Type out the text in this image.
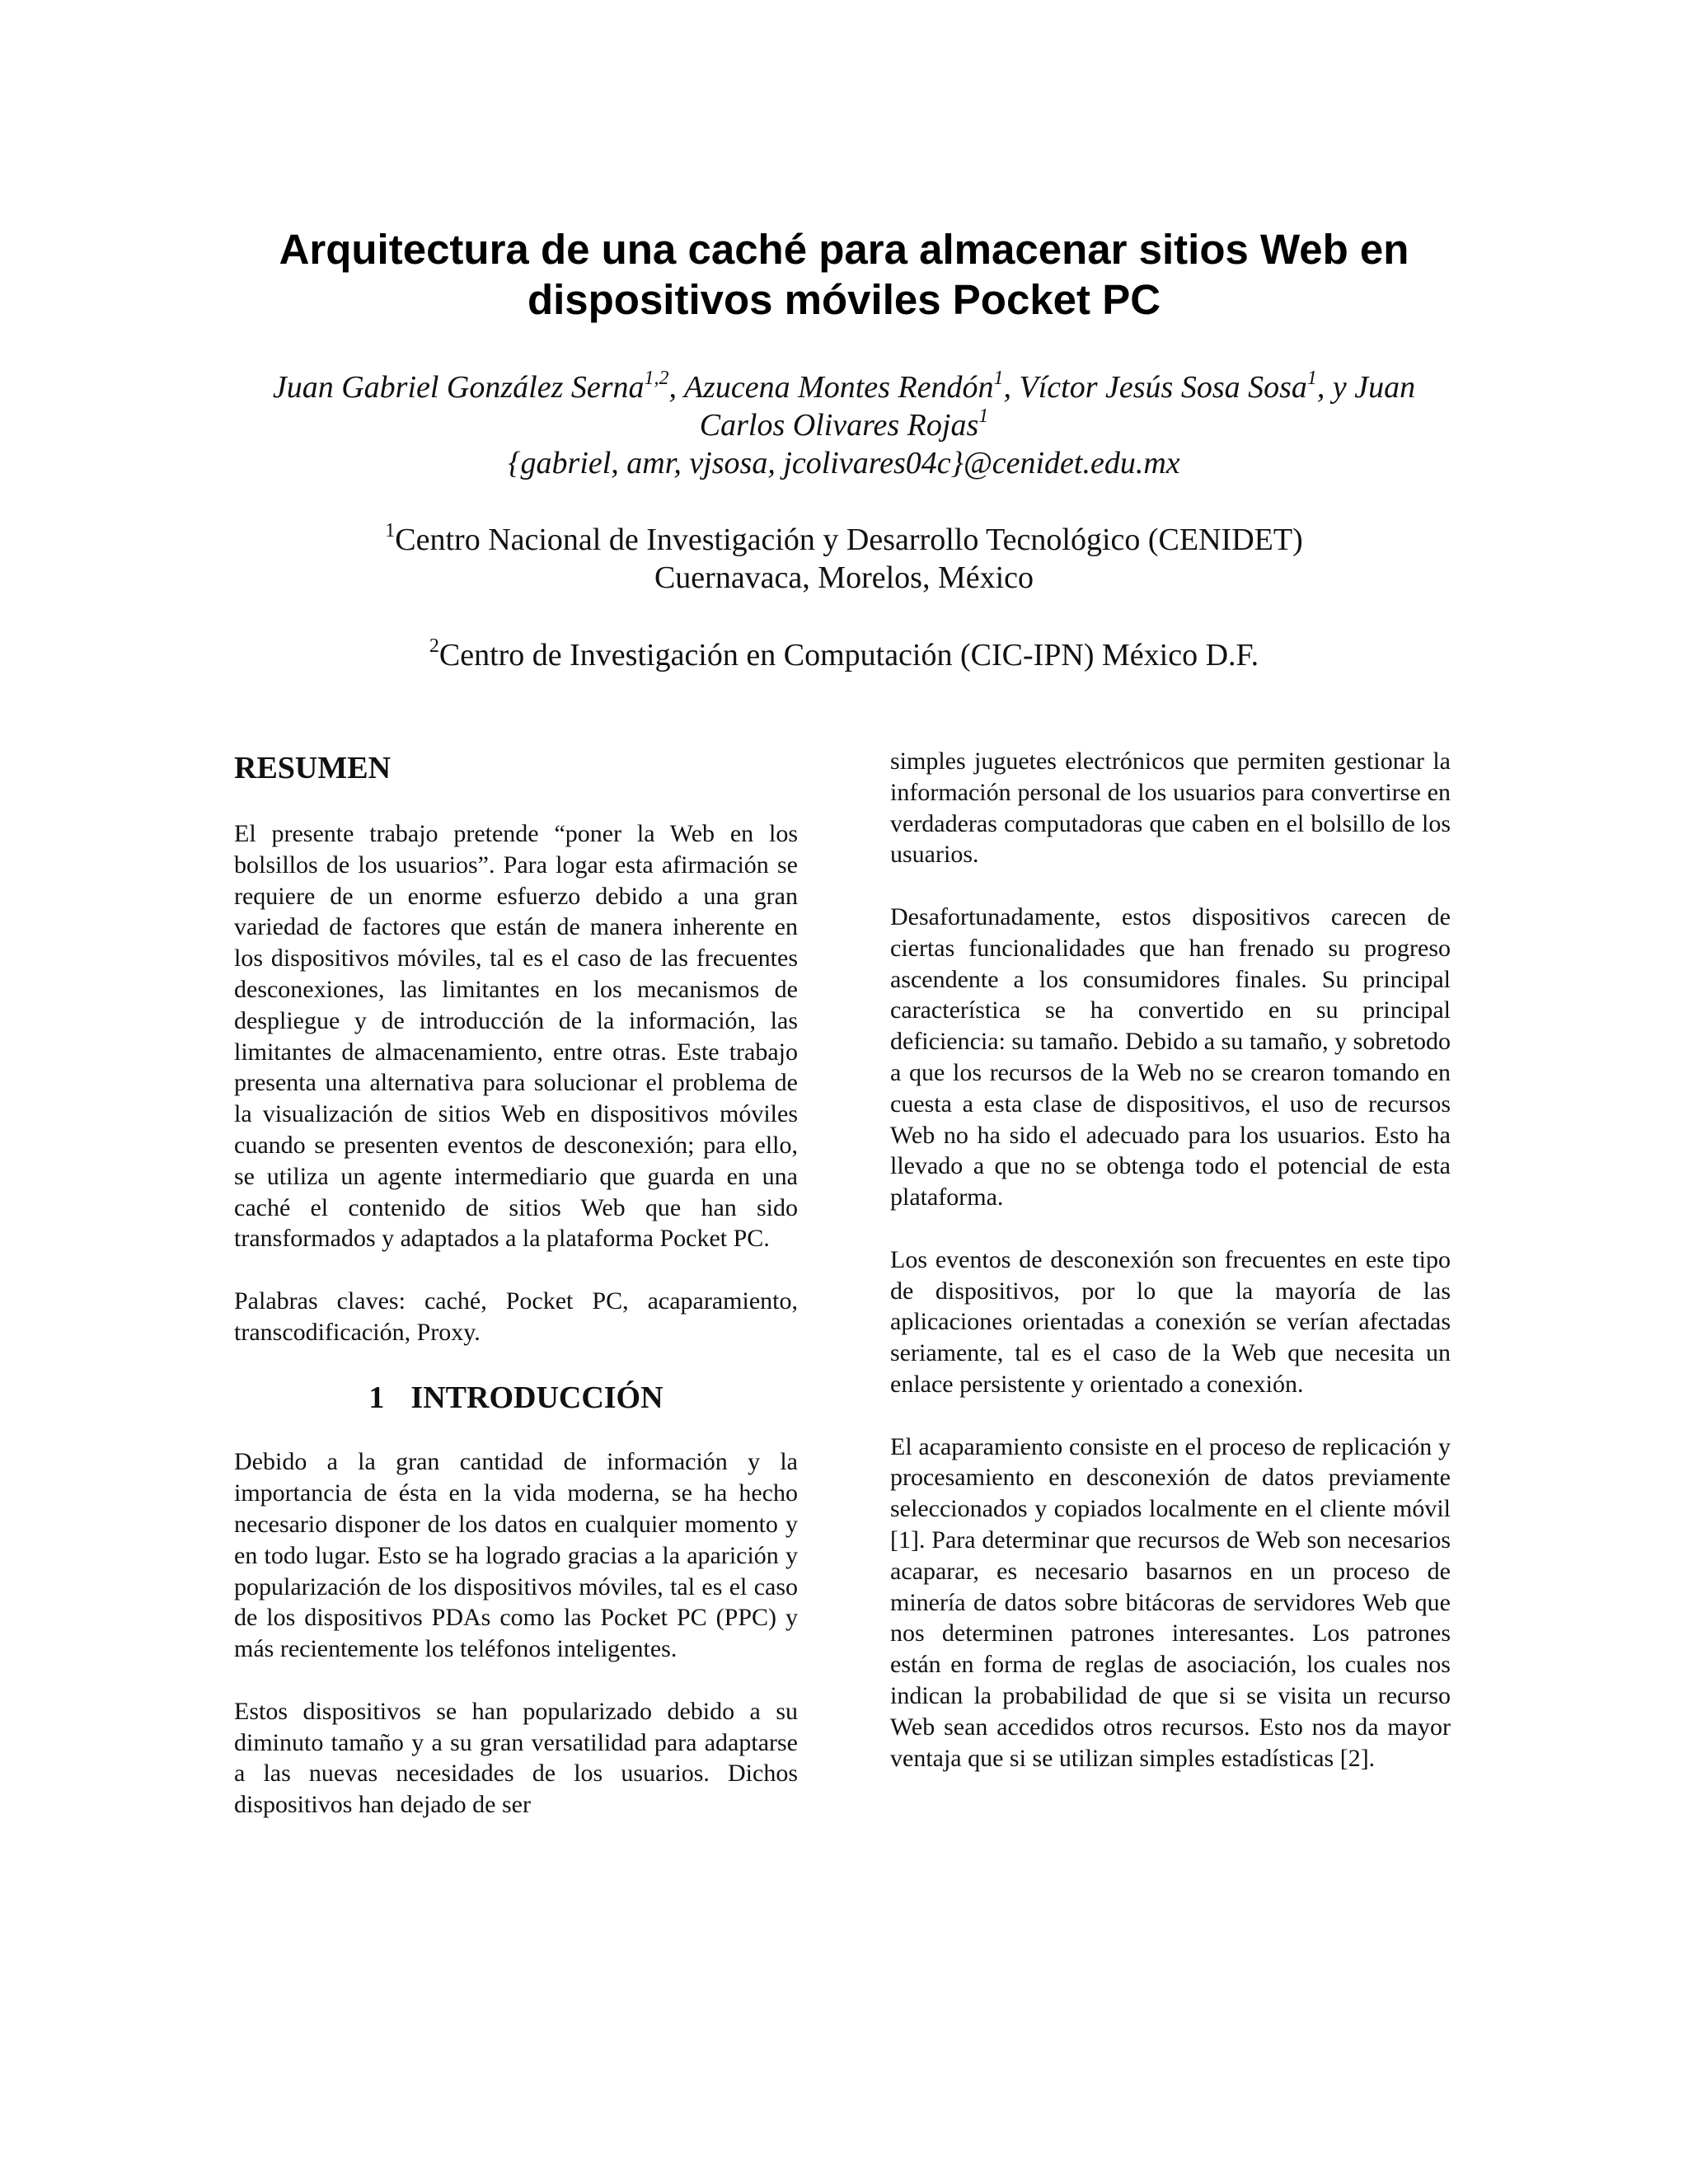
Arquitectura de una caché para almacenar sitios Web en
dispositivos móviles Pocket PC
Juan Gabriel González Serna$^{1,2}$, Azucena Montes Rendón$^1$, Víctor Jesús Sosa Sosa$^1$, y Juan
Carlos Olivares Rojas$^1$
{gabriel, amr, vjsosa, jcolivares04c}@cenidet.edu.mx
$^1$Centro Nacional de Investigación y Desarrollo Tecnológico (CENIDET)
Cuernavaca, Morelos, México
$^2$Centro de Investigación en Computación (CIC-IPN) México D.F.
RESUMEN

El presente trabajo pretende “poner la Web en los bolsillos de los usuarios”. Para logar esta afirmación se requiere de un enorme esfuerzo debido a una gran variedad de factores que están de manera inherente en los dispositivos móviles, tal es el caso de las frecuentes desconexiones, las limitantes en los mecanismos de despliegue y de introducción de la información, las limitantes de almacenamiento, entre otras. Este trabajo presenta una alternativa para solucionar el problema de la visualización de sitios Web en dispositivos móviles cuando se presenten eventos de desconexión; para ello, se utiliza un agente intermediario que guarda en una caché el contenido de sitios Web que han sido transformados y adaptados a la plataforma Pocket PC.

Palabras claves: caché, Pocket PC, acaparamiento, transcodificación, Proxy.

1 INTRODUCCIÓN

Debido a la gran cantidad de información y la importancia de ésta en la vida moderna, se ha hecho necesario disponer de los datos en cualquier momento y en todo lugar. Esto se ha logrado gracias a la aparición y popularización de los dispositivos móviles, tal es el caso de los dispositivos PDAs como las Pocket PC (PPC) y más recientemente los teléfonos inteligentes.

Estos dispositivos se han popularizado debido a su diminuto tamaño y a su gran versatilidad para adaptarse a las nuevas necesidades de los usuarios. Dichos dispositivos han dejado de ser

simples juguetes electrónicos que permiten gestionar la información personal de los usuarios para convertirse en verdaderas computadoras que caben en el bolsillo de los usuarios.

Desafortunadamente, estos dispositivos carecen de ciertas funcionalidades que han frenado su progreso ascendente a los consumidores finales. Su principal característica se ha convertido en su principal deficiencia: su tamaño. Debido a su tamaño, y sobretodo a que los recursos de la Web no se crearon tomando en cuesta a esta clase de dispositivos, el uso de recursos Web no ha sido el adecuado para los usuarios. Esto ha llevado a que no se obtenga todo el potencial de esta plataforma.

Los eventos de desconexión son frecuentes en este tipo de dispositivos, por lo que la mayoría de las aplicaciones orientadas a conexión se verían afectadas seriamente, tal es el caso de la Web que necesita un enlace persistente y orientado a conexión.

El acaparamiento consiste en el proceso de replicación y procesamiento en desconexión de datos previamente seleccionados y copiados localmente en el cliente móvil [1]. Para determinar que recursos de Web son necesarios acaparar, es necesario basarnos en un proceso de minería de datos sobre bitácoras de servidores Web que nos determinen patrones interesantes. Los patrones están en forma de reglas de asociación, los cuales nos indican la probabilidad de que si se visita un recurso Web sean accedidos otros recursos. Esto nos da mayor ventaja que si se utilizan simples estadísticas [2].
